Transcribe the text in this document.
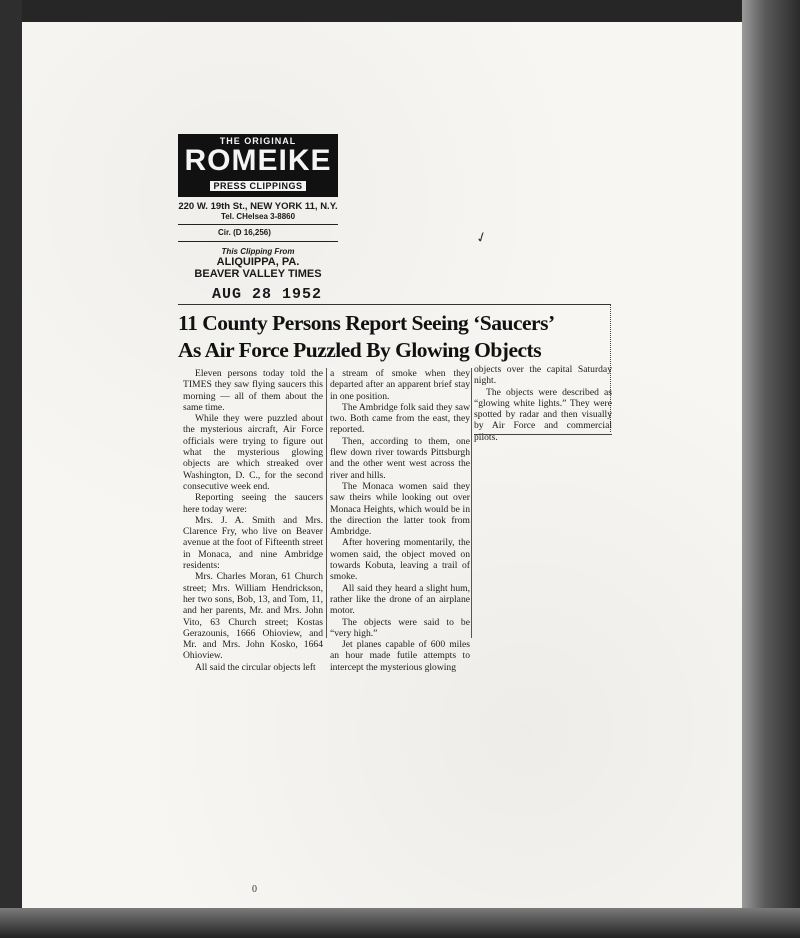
THE ORIGINAL
ROMEIKE
PRESS CLIPPINGS
220 W. 19th St., NEW YORK 11, N.Y.
Tel. CHelsea 3-8860
Cir. (D 16,256)
This Clipping From
ALIQUIPPA, PA.
BEAVER VALLEY TIMES
AUG 28 1952
✓
11 County Persons Report Seeing ‘Saucers’
As Air Force Puzzled By Glowing Objects

Eleven persons today told the TIMES they saw flying saucers this morning — all of them about the same time.

While they were puzzled about the mysterious aircraft, Air Force officials were trying to figure out what the mysterious glowing objects are which streaked over Washington, D. C., for the second consecutive week end.

Reporting seeing the saucers here today were:

Mrs. J. A. Smith and Mrs. Clarence Fry, who live on Beaver avenue at the foot of Fifteenth street in Monaca, and nine Ambridge residents:

Mrs. Charles Moran, 61 Church street; Mrs. William Hendrickson, her two sons, Bob, 13, and Tom, 11, and her parents, Mr. and Mrs. John Vito, 63 Church street; Kostas Gerazounis, 1666 Ohioview, and Mr. and Mrs. John Kosko, 1664 Ohioview.

All said the circular objects left

a stream of smoke when they departed after an apparent brief stay in one position.

The Ambridge folk said they saw two. Both came from the east, they reported.

Then, according to them, one flew down river towards Pittsburgh and the other went west across the river and hills.

The Monaca women said they saw theirs while looking out over Monaca Heights, which would be in the direction the latter took from Ambridge.

After hovering momentarily, the women said, the object moved on towards Kobuta, leaving a trail of smoke.

All said they heard a slight hum, rather like the drone of an airplane motor.

The objects were said to be “very high.”

Jet planes capable of 600 miles an hour made futile attempts to intercept the mysterious glowing

objects over the capital Saturday night.

The objects were described as “glowing white lights.” They were spotted by radar and then visually by Air Force and commercial pilots.

0
